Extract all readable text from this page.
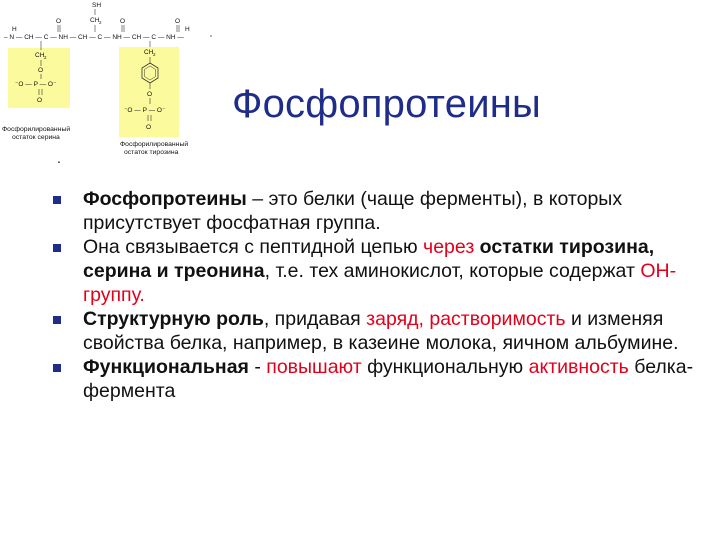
– N — CH — C — NH — CH — C — NH — CH — C — NH —
H
O
SH
CH 2	O	O
H
CH 2
O
⁻O — P — O⁻
O
CH 2
O
⁻O — P — O⁻
O
Фосфорилированный
остаток серина
Фосфорилированный
остаток тирозина
Фосфопротеины
.
Фосфопротеины – это белки (чаще ферменты), в которых присутствует фосфатная группа.
Она связывается с пептидной цепью через остатки тирозина, серина и треонина, т.е. тех аминокислот, которые содержат ОН-группу.
Структурную роль, придавая заряд, растворимость и изменяя свойства белка, например, в казеине молока, яичном альбумине.
Функциональная - повышают функциональную активность белка-фермента
